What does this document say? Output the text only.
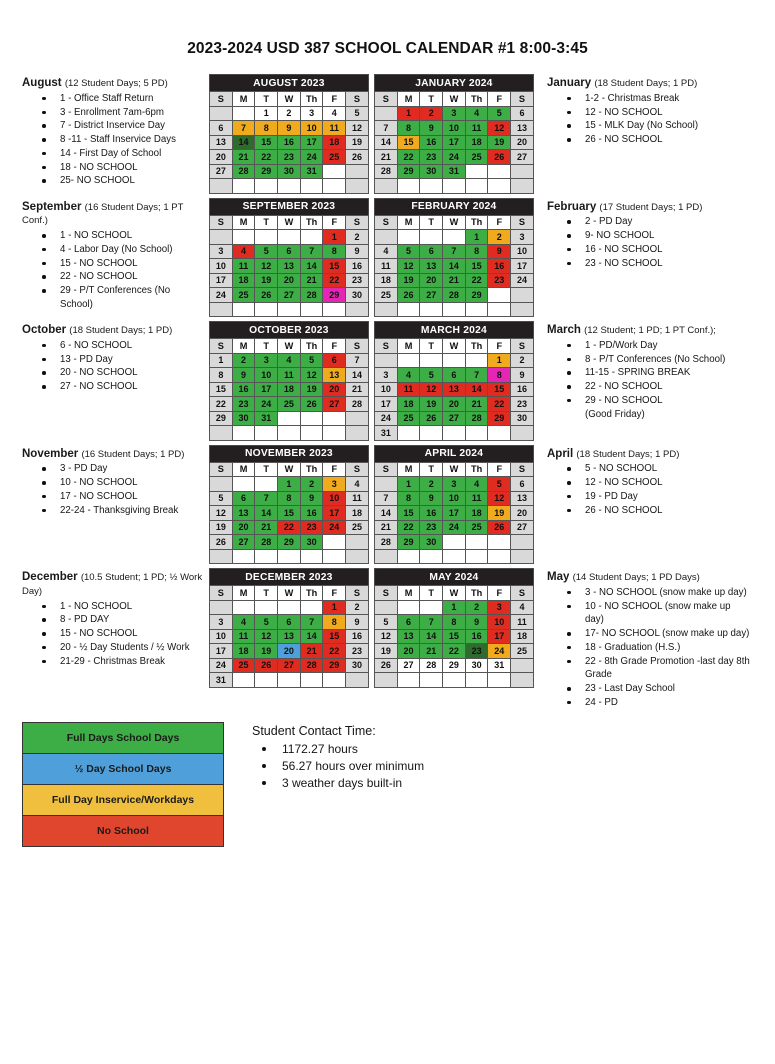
2023-2024 USD 387 SCHOOL CALENDAR #1 8:00-3:45
August (12 Student Days; 5 PD)
1 - Office Staff Return
3 - Enrollment 7am-6pm
7 - District Inservice Day
8 -11 - Staff Inservice Days
14 - First Day of School
18 - NO SCHOOL
25- NO SCHOOL
AUGUST 2023
S	M	T	W	Th	F	S
		1	2	3	4	5
6	7	8	9	10	11	12
13	14	15	16	17	18	19
20	21	22	23	24	25	26
27	28	29	30	31		

JANUARY 2024
S	M	T	W	Th	F	S
	1	2	3	4	5	6
7	8	9	10	11	12	13
14	15	16	17	18	19	20
21	22	23	24	25	26	27
28	29	30	31			

January (18 Student Days; 1 PD)
1-2 - Christmas Break
12 - NO SCHOOL
15 - MLK Day (No School)
26 - NO SCHOOL
September (16 Student Days; 1 PT Conf.)
1 - NO SCHOOL
4 - Labor Day (No School)
15 - NO SCHOOL
22 - NO SCHOOL
29 - P/T Conferences (No School)
SEPTEMBER 2023
S	M	T	W	Th	F	S
					1	2
3	4	5	6	7	8	9
10	11	12	13	14	15	16
17	18	19	20	21	22	23
24	25	26	27	28	29	30

FEBRUARY 2024
S	M	T	W	Th	F	S
				1	2	3
4	5	6	7	8	9	10
11	12	13	14	15	16	17
18	19	20	21	22	23	24
25	26	27	28	29		

February (17 Student Days; 1 PD)
2 - PD Day
9- NO SCHOOL
16 - NO SCHOOL
23 - NO SCHOOL
October (18 Student Days; 1 PD)
6 - NO SCHOOL
13 - PD Day
20 - NO SCHOOL
27 - NO SCHOOL
OCTOBER 2023
S	M	T	W	Th	F	S
1	2	3	4	5	6	7
8	9	10	11	12	13	14
15	16	17	18	19	20	21
22	23	24	25	26	27	28
29	30	31				

MARCH 2024
S	M	T	W	Th	F	S
					1	2
3	4	5	6	7	8	9
10	11	12	13	14	15	16
17	18	19	20	21	22	23
24	25	26	27	28	29	30
31						
March (12 Student; 1 PD; 1 PT Conf.);
1 - PD/Work Day
8 - P/T Conferences (No School)
11-15 - SPRING BREAK
22 - NO SCHOOL
29 - NO SCHOOL
(Good Friday)
November (16 Student Days; 1 PD)
3 - PD Day
10 - NO SCHOOL
17 - NO SCHOOL
22-24 - Thanksgiving Break
NOVEMBER 2023
S	M	T	W	Th	F	S
			1	2	3	4
5	6	7	8	9	10	11
12	13	14	15	16	17	18
19	20	21	22	23	24	25
26	27	28	29	30		

APRIL 2024
S	M	T	W	Th	F	S
	1	2	3	4	5	6
7	8	9	10	11	12	13
14	15	16	17	18	19	20
21	22	23	24	25	26	27
28	29	30				

April (18 Student Days; 1 PD)
5 - NO SCHOOL
12 - NO SCHOOL
19 - PD Day
26 - NO SCHOOL
December (10.5 Student; 1 PD; ½ Work Day)
1 - NO SCHOOL
8 - PD DAY
15 - NO SCHOOL
20 - ½ Day Students / ½ Work
21-29 - Christmas Break
DECEMBER 2023
S	M	T	W	Th	F	S
					1	2
3	4	5	6	7	8	9
10	11	12	13	14	15	16
17	18	19	20	21	22	23
24	25	26	27	28	29	30
31						
MAY 2024
S	M	T	W	Th	F	S
			1	2	3	4
5	6	7	8	9	10	11
12	13	14	15	16	17	18
19	20	21	22	23	24	25
26	27	28	29	30	31	

May (14 Student Days; 1 PD Days)
3 - NO SCHOOL (snow make up day)
10 - NO SCHOOL (snow make up day)
17- NO SCHOOL (snow make up day)
18 - Graduation (H.S.)
22 - 8th Grade Promotion -last day 8th Grade
23 - Last Day School
24 - PD
Full Days School Days
½ Day School Days
Full Day Inservice/Workdays
No School
Student Contact Time:
1172.27 hours
56.27 hours over minimum
3 weather days built-in
